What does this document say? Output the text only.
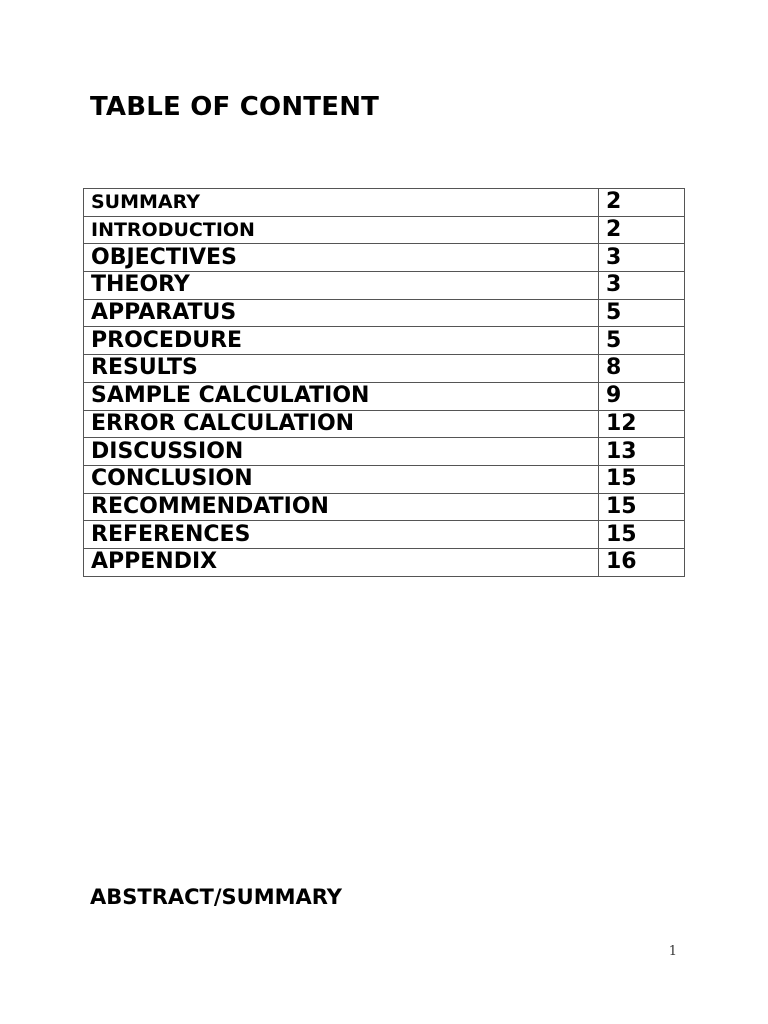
TABLE OF CONTENT
SUMMARY	2
INTRODUCTION	2
OBJECTIVES	3
THEORY	3
APPARATUS	5
PROCEDURE	5
RESULTS	8
SAMPLE CALCULATION	9
ERROR CALCULATION	12
DISCUSSION	13
CONCLUSION	15
RECOMMENDATION	15
REFERENCES	15
APPENDIX	16
ABSTRACT/SUMMARY
1
